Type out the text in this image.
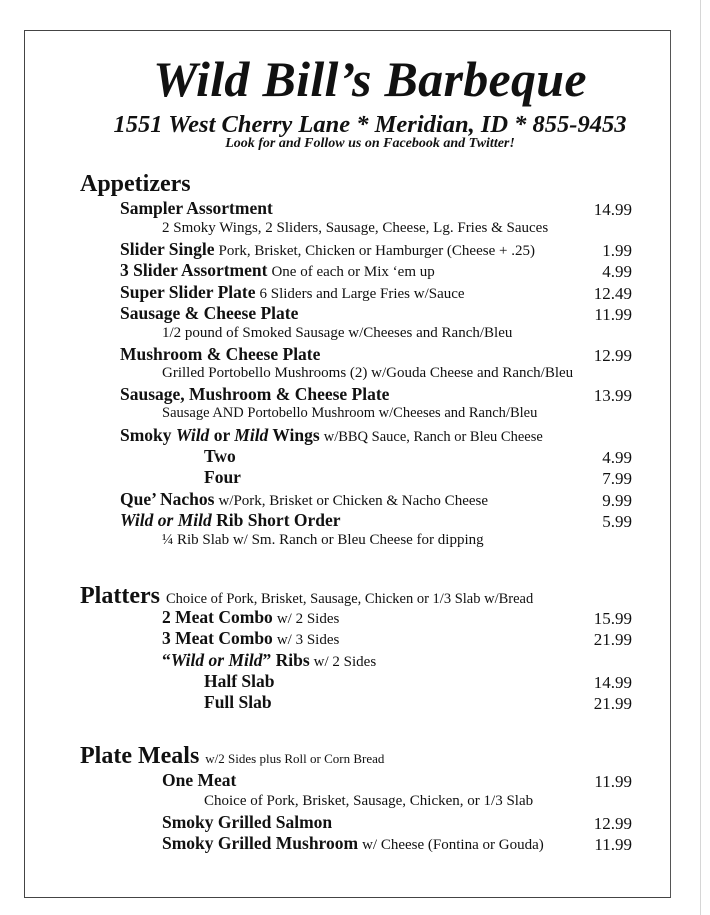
Wild Bill’s Barbeque
1551 West Cherry Lane * Meridian, ID * 855-9453
Look for and Follow us on Facebook and Twitter!
Appetizers
Sampler Assortment	14.99
2 Smoky Wings, 2 Sliders, Sausage, Cheese, Lg. Fries & Sauces
Slider Single Pork, Brisket, Chicken or Hamburger (Cheese + .25)	1.99
3 Slider Assortment One of each or Mix ‘em up	4.99
Super Slider Plate 6 Sliders and Large Fries w/Sauce	12.49
Sausage & Cheese Plate	11.99
1/2 pound of Smoked Sausage w/Cheeses and Ranch/Bleu
Mushroom & Cheese Plate	12.99
Grilled Portobello Mushrooms (2) w/Gouda Cheese and Ranch/Bleu
Sausage, Mushroom & Cheese Plate	13.99
Sausage AND Portobello Mushroom w/Cheeses and Ranch/Bleu
Smoky Wild or Mild Wings w/BBQ Sauce, Ranch or Bleu Cheese
Two	4.99
Four	7.99
Que’ Nachos w/Pork, Brisket or Chicken & Nacho Cheese	9.99
Wild or Mild Rib Short Order	5.99
¼ Rib Slab w/ Sm. Ranch or Bleu Cheese for dipping
Platters Choice of Pork, Brisket, Sausage, Chicken or 1/3 Slab w/Bread
2 Meat Combo w/ 2 Sides	15.99
3 Meat Combo w/ 3 Sides	21.99
“Wild or Mild” Ribs w/ 2 Sides
Half Slab	14.99
Full Slab	21.99
Plate Meals w/2 Sides plus Roll or Corn Bread
One Meat	11.99
Choice of Pork, Brisket, Sausage, Chicken, or 1/3 Slab
Smoky Grilled Salmon	12.99
Smoky Grilled Mushroom w/ Cheese (Fontina or Gouda)	11.99
